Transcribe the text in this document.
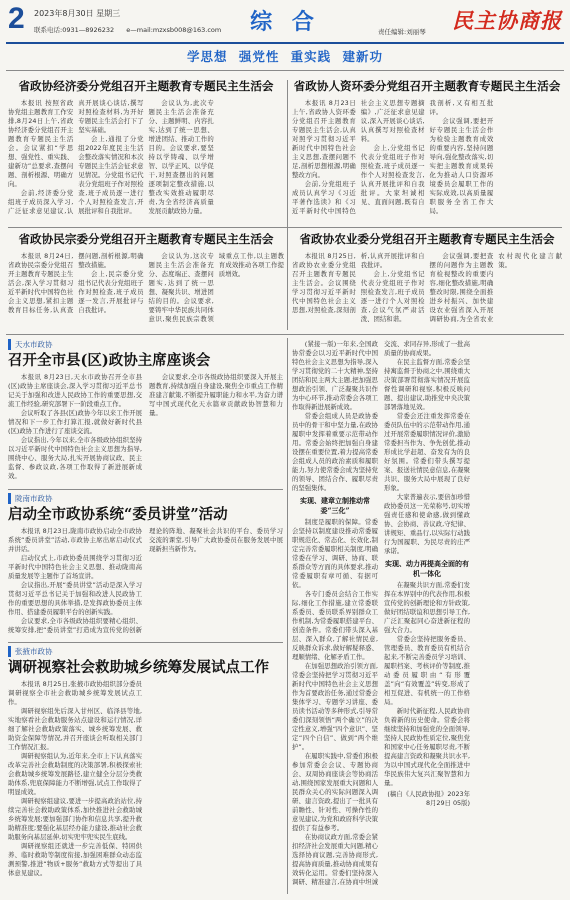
2 2023年8月30日 星期三
联系电话:0931—8926232 e—mail:mzxsb008@163.com	综 合	责任编辑:刘丽琴 民主协商报
学思想 强党性 重实践 建新功
省政协经济委分党组召开主题教育专题民主生活会

本报讯 按照省政协党组主题教育工作安排,8月24日上午,省政协经济委分党组召开主题教育专题民主生活会。会议紧扣“学思想、强党性、重实践、建新功”总要求,查摆问题、剖析根源、明确方向。

会前,经济委分党组班子成员深入学习,广泛征求意见建议,认真开展谈心谈话,撰写对照检查材料,为开好专题民主生活会打下了坚实基础。

会上,通报了分党组2022年度民主生活会整改落实情况和本次专题民主生活会征求意见情况。分党组书记代表分党组班子作对照检查,班子成员逐一进行个人对照检查发言,开展批评和自我批评。

会议认为,此次专题民主生活会准备充分、主题鲜明、内容扎实,达到了统一思想、增进团结、推动工作的目的。会议要求,要坚持以学铸魂、以学增智、以学正风、以学促干,对照查摆出的问题逐项制定整改措施,以整改实效推动履职尽责,为全省经济高质量发展贡献政协力量。

省政协人资环委分党组召开主题教育专题民主生活会

本报讯 8月23日上午,省政协人资环委分党组召开主题教育专题民主生活会,认真对照学习贯彻习近平新时代中国特色社会主义思想,查摆问题不足,剖析思想根源,明确整改方向。

会前,分党组班子成员认真学习《习近平著作选读》和《习近平新时代中国特色社会主义思想专题摘编》,广泛征求意见建议,深入开展谈心谈话,认真撰写对照检查材料。

会上,分党组书记代表分党组班子作对照检查,班子成员逐一作个人对照检查发言,认真开展批评和自我批评。大家坦诚相见、直面问题,既有自我剖析,又有相互批评。

会议强调,要把开好专题民主生活会作为检验主题教育成效的重要内容,坚持问题导向,强化整改落实,切实把主题教育成果转化为推动人口资源环境委员会履职工作的实际成效,以高质量履职服务全省工作大局。

省政协民宗委分党组召开主题教育专题民主生活会

本报讯 8月24日,省政协民宗委分党组召开主题教育专题民主生活会,深入学习贯彻习近平新时代中国特色社会主义思想,紧扣主题教育目标任务,认真查摆问题,剖析根源,明确整改措施。

会上,民宗委分党组书记代表分党组班子作对照检查,班子成员逐一发言,开展批评与自我批评。

会议认为,这次专题民主生活会准备充分、态度端正、查摆问题实,达到了统一思想、凝聚共识、增进团结的目的。会议要求,要铸牢中华民族共同体意识,聚焦民族宗教领域重点工作,以主题教育成效推动各项工作提质增效。

省政协农业委分党组召开主题教育专题民主生活会

本报讯 8月25日,省政协农业委分党组召开主题教育专题民主生活会。会议围绕学习贯彻习近平新时代中国特色社会主义思想,对照检查,深刻剖析,认真开展批评和自我批评。

会上,分党组书记代表分党组班子作对照检查发言,班子成员逐一进行个人对照检查,会议气氛严肃活泼、团结和谐。

会议强调,要把查摆的问题作为主题教育检视整改的重要内容,细化整改措施,明确整改时限,围绕全面推进乡村振兴、加快建设农业强省深入开展调研协商,为全省农业农村现代化建言献策。

天水市政协
召开全市县(区)政协主席座谈会

本报讯 8月23日,天水市政协召开全市县(区)政协主席座谈会,深入学习贯彻习近平总书记关于加强和改进人民政协工作的重要思想,交流工作经验,研究部署下一阶段重点工作。

会议听取了各县(区)政协今年以来工作开展情况和下一步工作打算汇报,就做好新时代县(区)政协工作进行了座谈交流。

会议指出,今年以来,全市各级政协组织坚持以习近平新时代中国特色社会主义思想为指导,围绕中心、服务大局,扎实开展协商议政、民主监督、参政议政,各项工作取得了新进展新成效。

会议要求,全市各级政协组织要深入开展主题教育,持续加强自身建设,聚焦全市重点工作精准建言献策,不断提升履职能力和水平,为奋力谱写中国式现代化天水篇章贡献政协智慧和力量。

陇南市政协
启动全市政协系统“委员讲堂”活动

本报讯 8月23日,陇南市政协启动全市政协系统“委员讲堂”活动,市政协主席出席启动仪式并讲话。

启动仪式上,市政协委员围绕学习贯彻习近平新时代中国特色社会主义思想、推动陇南高质量发展等主题作了首场宣讲。

会议指出,开展“委员讲堂”活动是深入学习贯彻习近平总书记关于加强和改进人民政协工作的重要思想的具体举措,是发挥政协委员主体作用、搭建委员履职平台的创新实践。

会议要求,全市各级政协组织要精心组织、统筹安排,把“委员讲堂”打造成为宣传党的创新理论的阵地、凝聚社会共识的平台、委员学习交流的课堂,引导广大政协委员在服务发展中展现新担当新作为。

张掖市政协
调研视察社会救助城乡统筹发展试点工作

本报讯 8月25日,张掖市政协组织部分委员调研视察全市社会救助城乡统筹发展试点工作。

调研视察组先后深入甘州区、临泽县等地,实地察看社会救助服务站点建设和运行情况,详细了解社会救助政策落实、城乡统筹发展、救助资金保障等情况,并召开座谈会听取相关部门工作情况汇报。

调研视察组认为,近年来,全市上下认真落实改革完善社会救助制度的决策部署,积极探索社会救助城乡统筹发展路径,建立健全分层分类救助体系,兜底保障能力不断增强,试点工作取得了明显成效。

调研视察组建议,要进一步提高政治站位,持续完善社会救助政策体系,加快推进社会救助城乡统筹发展;要加强部门协作和信息共享,提升救助精准度;要强化基层经办能力建设,推动社会救助服务向基层延伸,切实兜牢兜实民生底线。

调研视察组还就进一步完善低保、特困供养、临时救助等制度衔接,加强困难群众动态监测预警,推进“物质+服务”救助方式等提出了具体意见建议。

(紧接一版)一年来,全国政协常委会以习近平新时代中国特色社会主义思想为指导,深入学习贯彻党的二十大精神,坚持团结和民主两大主题,把加强思想政治引领、广泛凝聚共识作为中心环节,推动常委会各项工作取得新进展新成效。

常委会组成人员是政协委员中的骨干和中坚力量,在政协履职中发挥着重要示范带动作用。常委会始终把加强自身建设摆在重要位置,着力提高常委会组成人员的政治素质和履职能力,努力使常委会成为坚持党的领导、团结合作、履职尽责的坚强集体。

实现、建章立制推动常委“三化”

制度是履职的保障。常委会坚持以制度建设推动常委履职规范化、常态化、长效化,制定完善常委履职相关制度,明确常委在学习、调研、协商、联系群众等方面的具体要求,推动常委履职有章可循、有据可依。

各专门委员会结合工作实际,细化工作措施,建立常委联系委员、委员联系界别群众工作机制,为常委履职搭建平台、创造条件。常委们带头深入基层、深入群众,了解社情民意,反映群众诉求,做好解疑释惑、理顺情绪、化解矛盾工作。

在加强思想政治引领方面,常委会坚持把学习贯彻习近平新时代中国特色社会主义思想作为首要政治任务,通过常委会集体学习、专题学习讲座、委员读书活动等多种形式,引导常委们深刻领悟“两个确立”的决定性意义,增强“四个意识”、坚定“四个自信”、做到“两个维护”。

在履职实践中,常委们积极参加常委会会议、专题协商会、双周协商座谈会等协商活动,围绕国家发展重大问题和人民群众关心的实际问题深入调研、建言资政,提出了一批具有前瞻性、针对性、可操作性的意见建议,为党和政府科学决策提供了有益参考。

在协商议政方面,常委会紧扣经济社会发展重大问题,精心选择协商议题,完善协商形式,提高协商质量,推动协商成果有效转化运用。常委们坚持深入调研、精准建言,在协商中坦诚交流、求同存异,形成了一批高质量的协商成果。

在民主监督方面,常委会坚持寓监督于协商之中,围绕重大决策部署贯彻落实情况开展监督性调研和视察,积极反映问题、提出建议,助推党中央决策部署落地见效。

常委会还注重发挥常委在委员队伍中的示范带动作用,通过开展常委履职情况评价,激励常委担当作为、争先创优,推动形成比学赶超、奋发有为的良好氛围。常委们带头撰写提案、报送社情民意信息,在凝聚共识、服务大局中展现了良好形象。

大家普遍表示,要倍加珍惜政协委员这一光荣称号,切实增强责任感和使命感,做到懂政协、会协商、善议政,守纪律、讲规矩、重品行,以实际行动践行为国履职、为民尽责的庄严承诺。

实现、动力再提高全面的有机一体化

在凝聚共识方面,常委们发挥在本界别中的代表作用,积极宣传党的创新理论和方针政策,做好团结联谊和思想引导工作,广泛汇聚起同心奋进新征程的强大合力。

常委会坚持把服务委员、管理委员、教育委员有机结合起来,不断完善委员学习培训、履职档案、考核评价等制度,推动委员履职由“有形覆盖”向“有效覆盖”转变,形成了相互促进、有机统一的工作格局。

新时代新征程,人民政协肩负着新的历史使命。常委会将继续坚持和加强党的全面领导,坚持人民政协性质定位,聚焦党和国家中心任务履职尽责,不断提高建言资政和凝聚共识水平,为以中国式现代化全面推进中华民族伟大复兴汇聚智慧和力量。

(稿自《人民政协报》2023年8月29日 05版)
